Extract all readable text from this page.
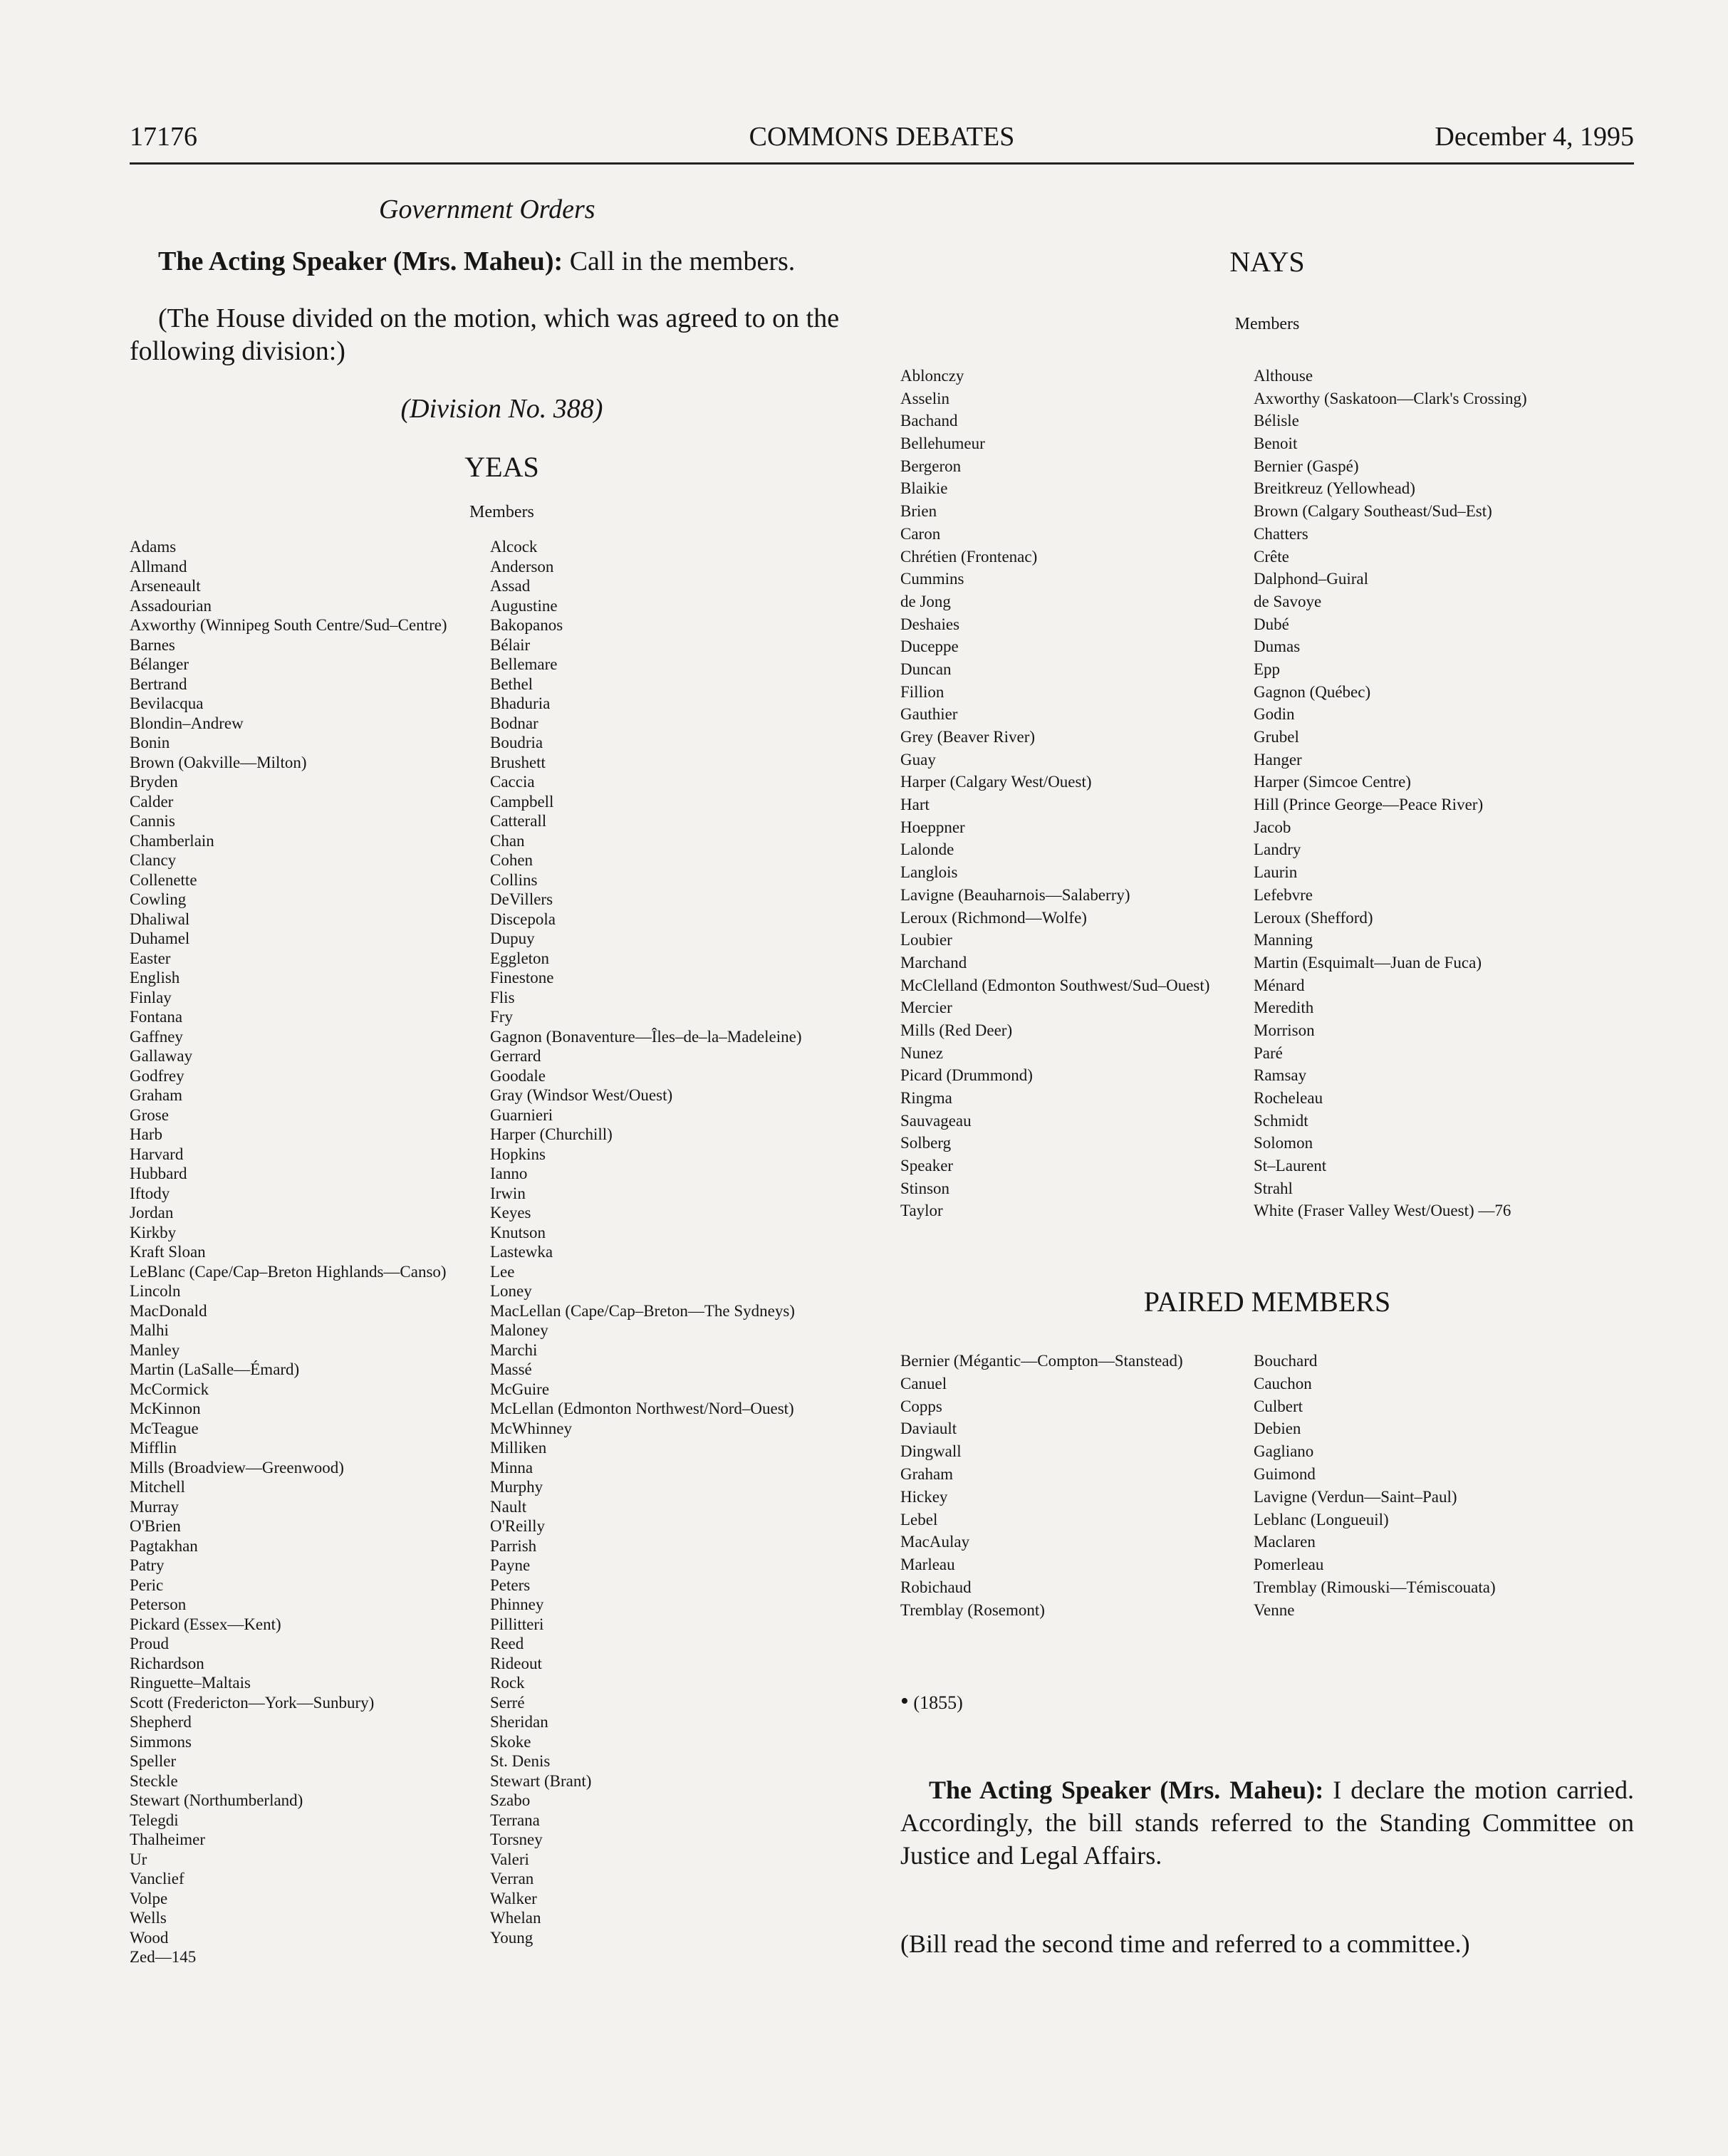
17176	COMMONS DEBATES	December 4, 1995
Government Orders
The Acting Speaker (Mrs. Maheu): Call in the members.
(The House divided on the motion, which was agreed to on the following division:)
(Division No. 388)
YEAS
Members
Adams
Allmand
Arseneault
Assadourian
Axworthy (Winnipeg South Centre/Sud–Centre)
Barnes
Bélanger
Bertrand
Bevilacqua
Blondin–Andrew
Bonin
Brown (Oakville—Milton)
Bryden
Calder
Cannis
Chamberlain
Clancy
Collenette
Cowling
Dhaliwal
Duhamel
Easter
English
Finlay
Fontana
Gaffney
Gallaway
Godfrey
Graham
Grose
Harb
Harvard
Hubbard
Iftody
Jordan
Kirkby
Kraft Sloan
LeBlanc (Cape/Cap–Breton Highlands—Canso)
Lincoln
MacDonald
Malhi
Manley
Martin (LaSalle—Émard)
McCormick
McKinnon
McTeague
Mifflin
Mills (Broadview—Greenwood)
Mitchell
Murray
O'Brien
Pagtakhan
Patry
Peric
Peterson
Pickard (Essex—Kent)
Proud
Richardson
Ringuette–Maltais
Scott (Fredericton—York—Sunbury)
Shepherd
Simmons
Speller
Steckle
Stewart (Northumberland)
Telegdi
Thalheimer
Ur
Vanclief
Volpe
Wells
Wood
Zed—145
Alcock
Anderson
Assad
Augustine
Bakopanos
Bélair
Bellemare
Bethel
Bhaduria
Bodnar
Boudria
Brushett
Caccia
Campbell
Catterall
Chan
Cohen
Collins
DeVillers
Discepola
Dupuy
Eggleton
Finestone
Flis
Fry
Gagnon (Bonaventure—Îles–de–la–Madeleine)
Gerrard
Goodale
Gray (Windsor West/Ouest)
Guarnieri
Harper (Churchill)
Hopkins
Ianno
Irwin
Keyes
Knutson
Lastewka
Lee
Loney
MacLellan (Cape/Cap–Breton—The Sydneys)
Maloney
Marchi
Massé
McGuire
McLellan (Edmonton Northwest/Nord–Ouest)
McWhinney
Milliken
Minna
Murphy
Nault
O'Reilly
Parrish
Payne
Peters
Phinney
Pillitteri
Reed
Rideout
Rock
Serré
Sheridan
Skoke
St. Denis
Stewart (Brant)
Szabo
Terrana
Torsney
Valeri
Verran
Walker
Whelan
Young
NAYS
Members
Ablonczy
Asselin
Bachand
Bellehumeur
Bergeron
Blaikie
Brien
Caron
Chrétien (Frontenac)
Cummins
de Jong
Deshaies
Duceppe
Duncan
Fillion
Gauthier
Grey (Beaver River)
Guay
Harper (Calgary West/Ouest)
Hart
Hoeppner
Lalonde
Langlois
Lavigne (Beauharnois—Salaberry)
Leroux (Richmond—Wolfe)
Loubier
Marchand
McClelland (Edmonton Southwest/Sud–Ouest)
Mercier
Mills (Red Deer)
Nunez
Picard (Drummond)
Ringma
Sauvageau
Solberg
Speaker
Stinson
Taylor
Althouse
Axworthy (Saskatoon—Clark's Crossing)
Bélisle
Benoit
Bernier (Gaspé)
Breitkreuz (Yellowhead)
Brown (Calgary Southeast/Sud–Est)
Chatters
Crête
Dalphond–Guiral
de Savoye
Dubé
Dumas
Epp
Gagnon (Québec)
Godin
Grubel
Hanger
Harper (Simcoe Centre)
Hill (Prince George—Peace River)
Jacob
Landry
Laurin
Lefebvre
Leroux (Shefford)
Manning
Martin (Esquimalt—Juan de Fuca)
Ménard
Meredith
Morrison
Paré
Ramsay
Rocheleau
Schmidt
Solomon
St–Laurent
Strahl
White (Fraser Valley West/Ouest) —76
PAIRED MEMBERS
Bernier (Mégantic—Compton—Stanstead)
Canuel
Copps
Daviault
Dingwall
Graham
Hickey
Lebel
MacAulay
Marleau
Robichaud
Tremblay (Rosemont)
Bouchard
Cauchon
Culbert
Debien
Gagliano
Guimond
Lavigne (Verdun—Saint–Paul)
Leblanc (Longueuil)
Maclaren
Pomerleau
Tremblay (Rimouski—Témiscouata)
Venne
• (1855)
The Acting Speaker (Mrs. Maheu): I declare the motion carried. Accordingly, the bill stands referred to the Standing Committee on Justice and Legal Affairs.
(Bill read the second time and referred to a committee.)
